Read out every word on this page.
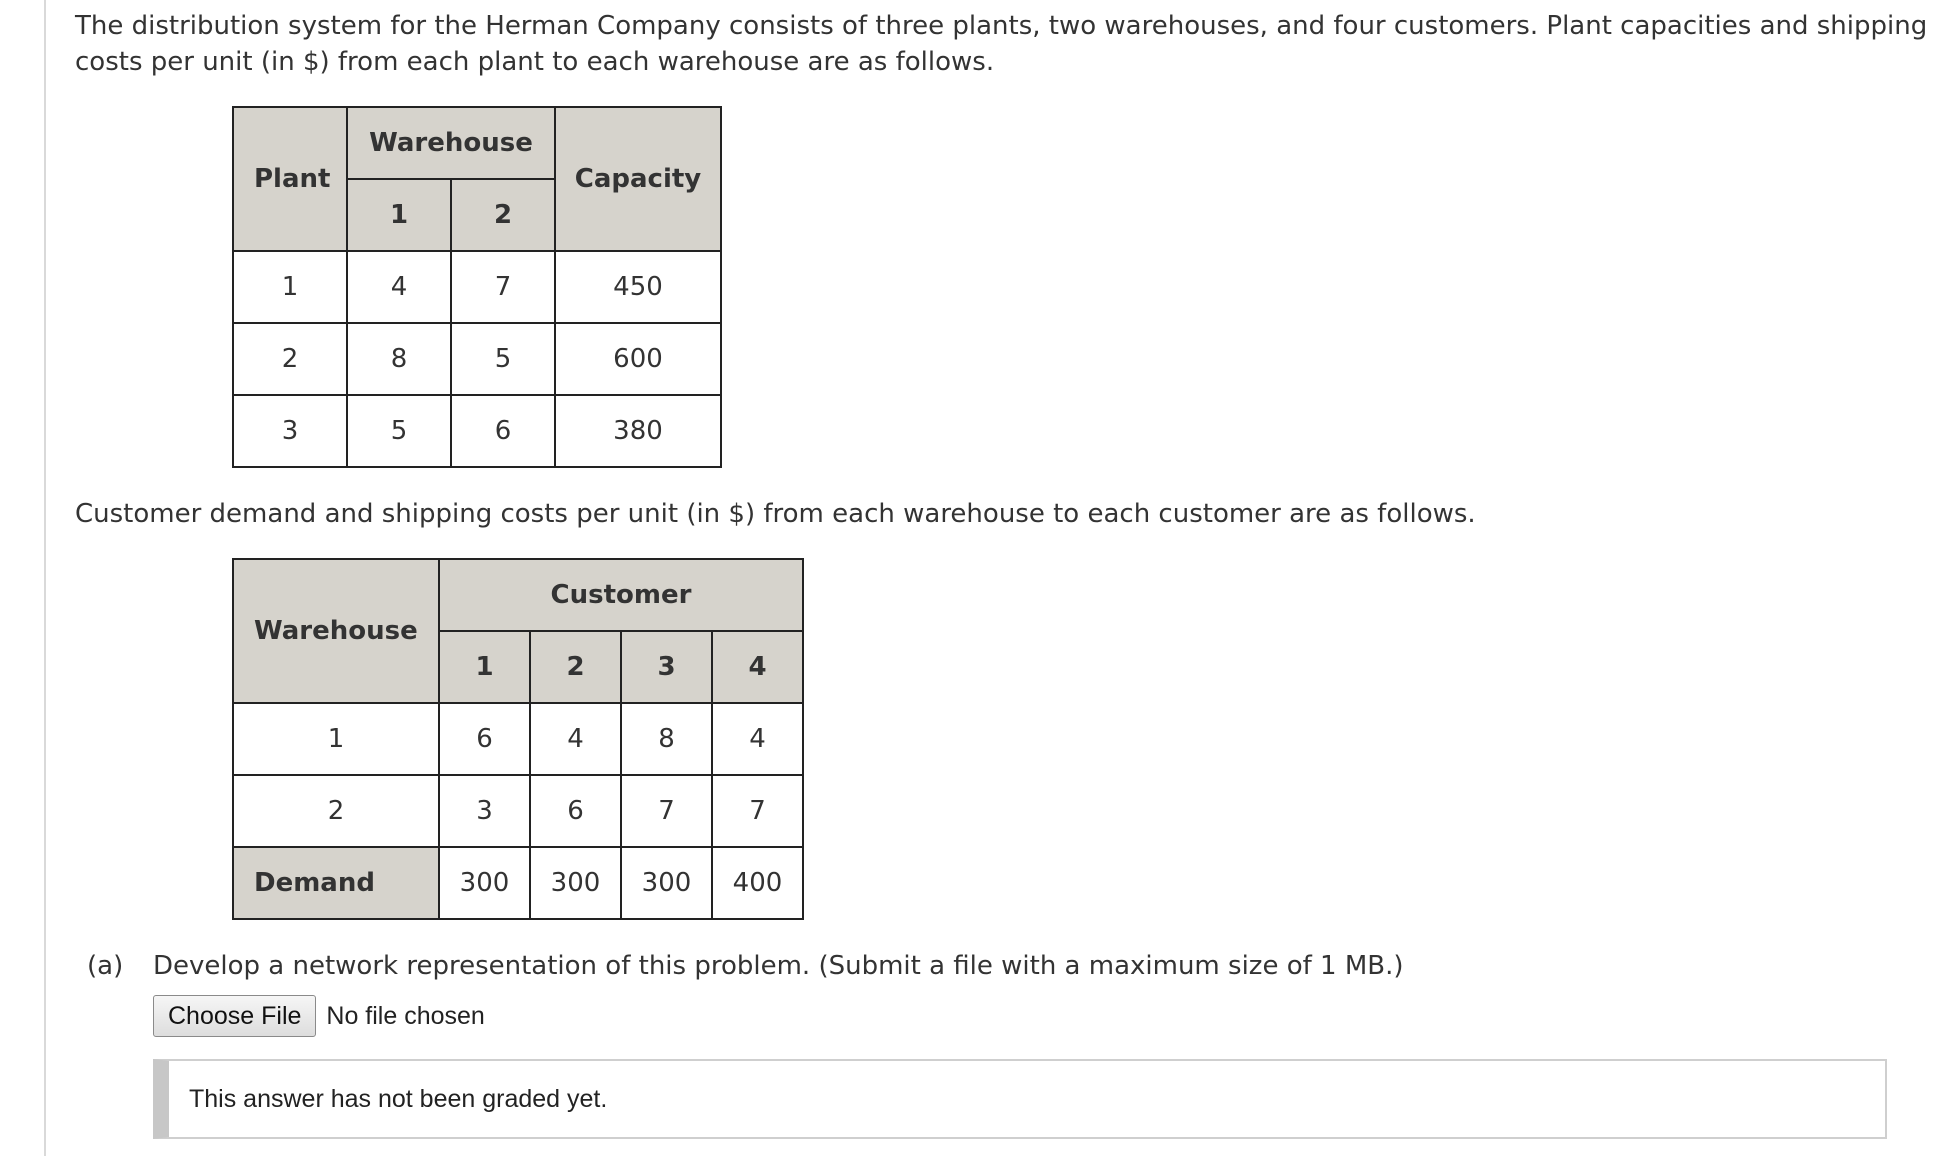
The distribution system for the Herman Company consists of three plants, two warehouses, and four customers. Plant capacities and shipping costs per unit (in $) from each plant to each warehouse are as follows.

Plant	Warehouse		Capacity
	1	2	
1	4	7	450
2	8	5	600
3	5	6	380

Customer demand and shipping costs per unit (in $) from each warehouse to each customer are as follows.

Warehouse	Customer			
	1	2	3	4
1	6	4	8	4
2	3	6	7	7
Demand	300	300	300	400
(a) Develop a network representation of this problem. (Submit a file with a maximum size of 1 MB.)
Choose File	No file chosen
This answer has not been graded yet.
